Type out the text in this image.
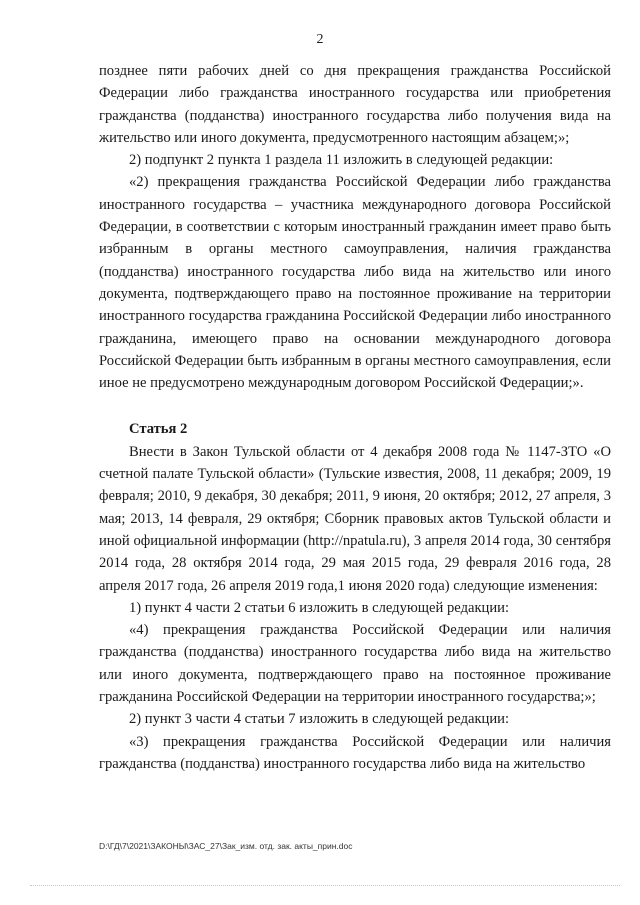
2

позднее пяти рабочих дней со дня прекращения гражданства Российской Федерации либо гражданства иностранного государства или приобретения гражданства (подданства) иностранного государства либо получения вида на жительство или иного документа, предусмотренного настоящим абзацем;»;

2) подпункт 2 пункта 1 раздела 11 изложить в следующей редакции:

«2) прекращения гражданства Российской Федерации либо гражданства иностранного государства – участника международного договора Российской Федерации, в соответствии с которым иностранный гражданин имеет право быть избранным в органы местного самоуправления, наличия гражданства (подданства) иностранного государства либо вида на жительство или иного документа, подтверждающего право на постоянное проживание на территории иностранного государства гражданина Российской Федерации либо иностранного гражданина, имеющего право на основании международного договора Российской Федерации быть избранным в органы местного самоуправления, если иное не предусмотрено международным договором Российской Федерации;».

Статья 2

Внести в Закон Тульской области от 4 декабря 2008 года № 1147-ЗТО «О счетной палате Тульской области» (Тульские известия, 2008, 11 декабря; 2009, 19 февраля; 2010, 9 декабря, 30 декабря; 2011, 9 июня, 20 октября; 2012, 27 апреля, 3 мая; 2013, 14 февраля, 29 октября; Сборник правовых актов Тульской области и иной официальной информации (http://npatula.ru), 3 апреля 2014 года, 30 сентября 2014 года, 28 октября 2014 года, 29 мая 2015 года, 29 февраля 2016 года, 28 апреля 2017 года, 26 апреля 2019 года,1 июня 2020 года) следующие изменения:

1) пункт 4 части 2 статьи 6 изложить в следующей редакции:

«4) прекращения гражданства Российской Федерации или наличия гражданства (подданства) иностранного государства либо вида на жительство или иного документа, подтверждающего право на постоянное проживание гражданина Российской Федерации на территории иностранного государства;»;

2) пункт 3 части 4 статьи 7 изложить в следующей редакции:

«3) прекращения гражданства Российской Федерации или наличия гражданства (подданства) иностранного государства либо вида на жительство

D:\ГД\7\2021\ЗАКОНЫ\ЗАС_27\Зак_изм. отд. зак. акты_прин.doc
